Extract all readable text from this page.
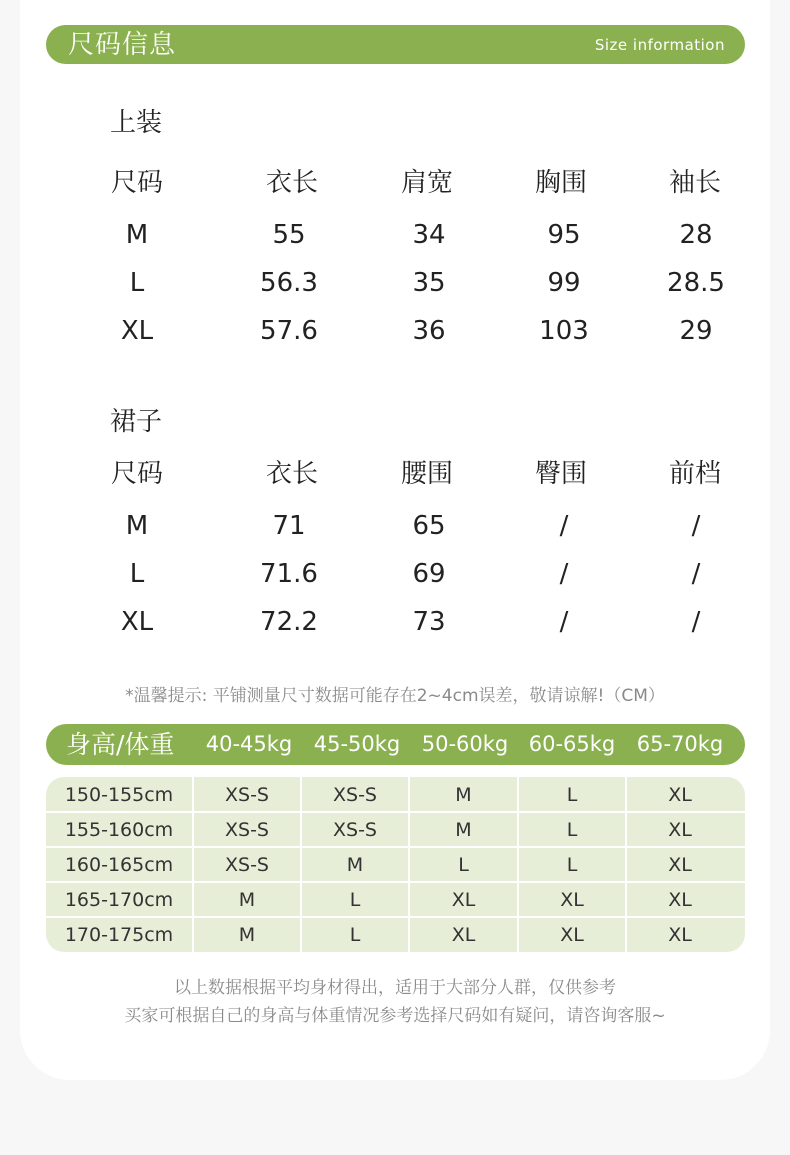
尺码信息	Size information
上装
尺码	衣长	肩宽	胸围	袖长
M	55	34	95	28
L	56.3	35	99	28.5
XL	57.6	36	103	29
裙子
尺码	衣长	腰围	臀围	前档
M	71	65	/	/
L	71.6	69	/	/
XL	72.2	73	/	/
*温馨提示: 平铺测量尺寸数据可能存在2~4cm误差，敬请谅解!（CM）
身高/体重	40-45kg	45-50kg	50-60kg 60-65kg	65-70kg
150-155cm	XS-S	XS-S	M	L	XL
155-160cm	XS-S	XS-S	M	L	XL
160-165cm	XS-S	M	L	L	XL
165-170cm	M	L	XL	XL	XL
170-175cm	M	L	XL	XL	XL
以上数据根据平均身材得出，适用于大部分人群，仅供参考
买家可根据自己的身高与体重情况参考选择尺码如有疑问，请咨询客服~
